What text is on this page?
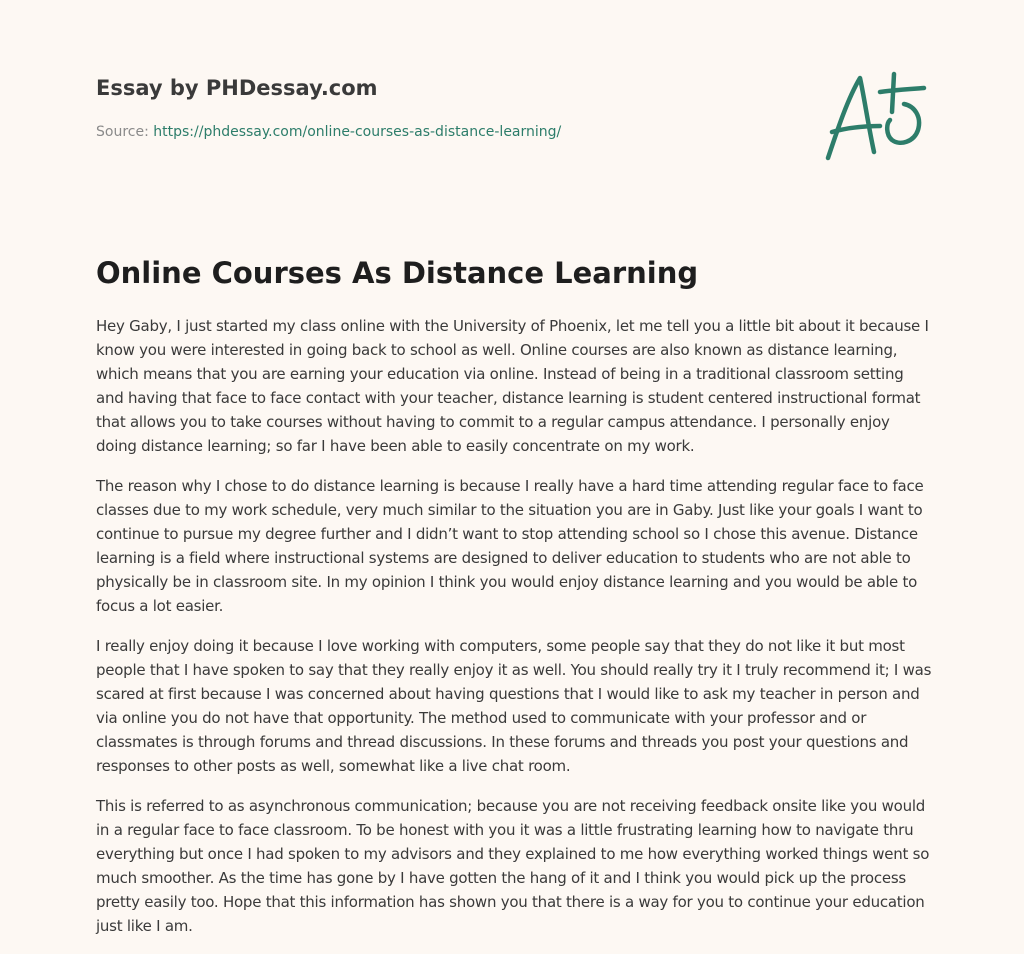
Essay by PHDessay.com
Source: https://phdessay.com/online-courses-as-distance-learning/
Online Courses As Distance Learning

Hey Gaby, I just started my class online with the University of Phoenix, let me tell you a little bit about it because I know you were interested in going back to school as well. Online courses are also known as distance learning, which means that you are earning your education via online. Instead of being in a traditional classroom setting and having that face to face contact with your teacher, distance learning is student centered instructional format that allows you to take courses without having to commit to a regular campus attendance. I personally enjoy doing distance learning; so far I have been able to easily concentrate on my work.

The reason why I chose to do distance learning is because I really have a hard time attending regular face to face classes due to my work schedule, very much similar to the situation you are in Gaby. Just like your goals I want to continue to pursue my degree further and I didn’t want to stop attending school so I chose this avenue. Distance learning is a field where instructional systems are designed to deliver education to students who are not able to physically be in classroom site. In my opinion I think you would enjoy distance learning and you would be able to focus a lot easier.

I really enjoy doing it because I love working with computers, some people say that they do not like it but most people that I have spoken to say that they really enjoy it as well. You should really try it I truly recommend it; I was scared at first because I was concerned about having questions that I would like to ask my teacher in person and via online you do not have that opportunity. The method used to communicate with your professor and or classmates is through forums and thread discussions. In these forums and threads you post your questions and responses to other posts as well, somewhat like a live chat room.

This is referred to as asynchronous communication; because you are not receiving feedback onsite like you would in a regular face to face classroom. To be honest with you it was a little frustrating learning how to navigate thru everything but once I had spoken to my advisors and they explained to me how everything worked things went so much smoother. As the time has gone by I have gotten the hang of it and I think you would pick up the process pretty easily too. Hope that this information has shown you that there is a way for you to continue your education just like I am.
